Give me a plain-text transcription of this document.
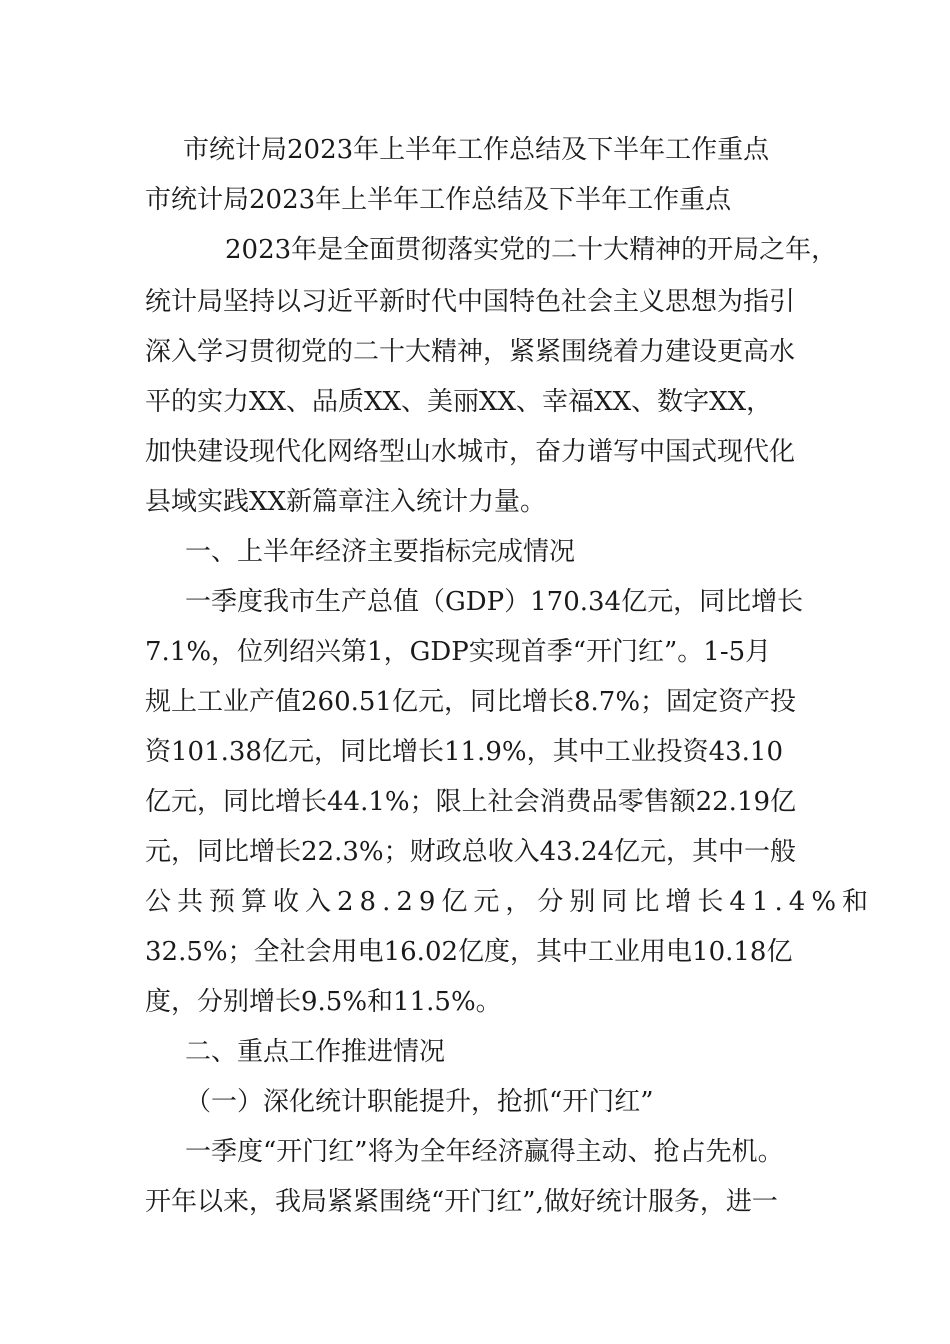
市统计局2023年上半年工作总结及下半年工作重点
市统计局2023年上半年工作总结及下半年工作重点
2023年是全面贯彻落实党的二十大精神的开局之年，
统计局坚持以习近平新时代中国特色社会主义思想为指引
深入学习贯彻党的二十大精神，紧紧围绕着力建设更高水
平的实力XX、品质XX、美丽XX、幸福XX、数字XX，
加快建设现代化网络型山水城市，奋力谱写中国式现代化
县域实践XX新篇章注入统计力量。
一、上半年经济主要指标完成情况
一季度我市生产总值（GDP）170.34亿元，同比增长
7.1%，位列绍兴第1，GDP实现首季“开门红”。1-5月
规上工业产值260.51亿元，同比增长8.7%；固定资产投
资101.38亿元，同比增长11.9%，其中工业投资43.10
亿元，同比增长44.1%；限上社会消费品零售额22.19亿
元，同比增长22.3%；财政总收入43.24亿元，其中一般
公共预算收入28.29亿元，分别同比增长41.4%和
32.5%；全社会用电16.02亿度，其中工业用电10.18亿
度，分别增长9.5%和11.5%。
二、重点工作推进情况
（一）深化统计职能提升，抢抓“开门红”
一季度“开门红”将为全年经济赢得主动、抢占先机。
开年以来，我局紧紧围绕“开门红”,做好统计服务，进一
